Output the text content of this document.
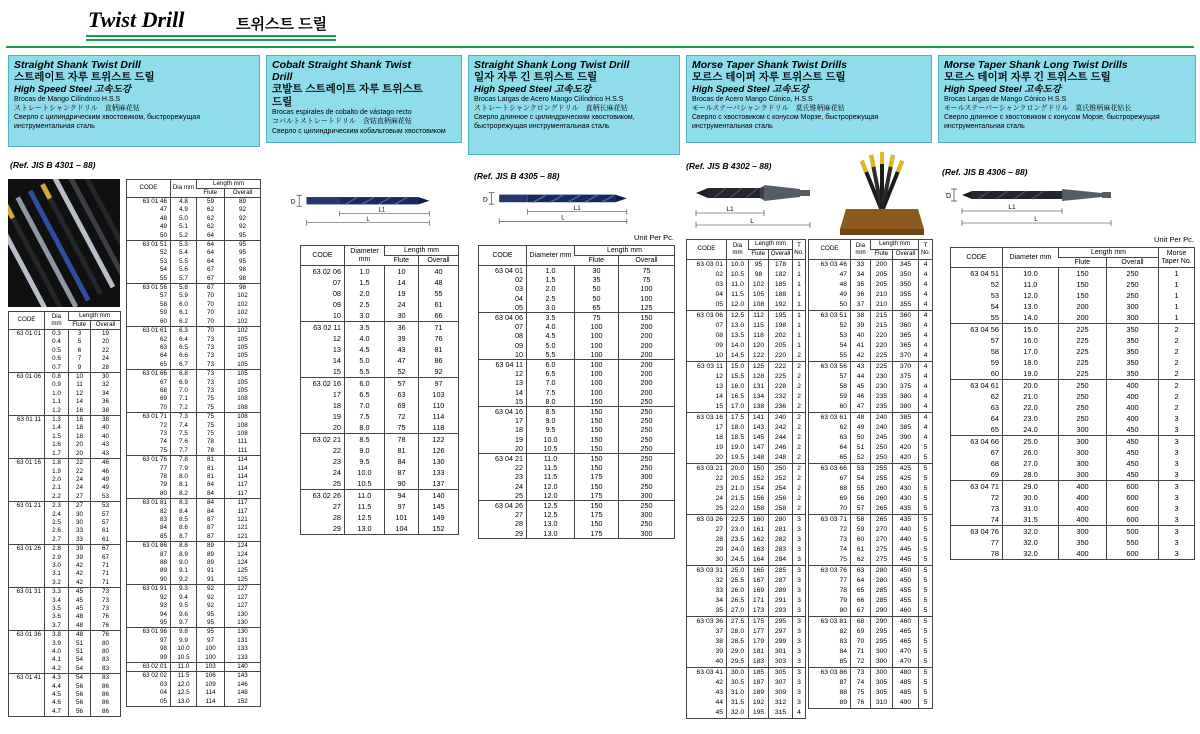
Twist Drill	트위스트 드릴
Straight Shank Twist Drill
스트레이트 자루 트위스트 드릴
High Speed Steel 고속도강
Brocas de Mango Cilíndrico H.S.S
ストレートシャンクドリル　直柄麻花钻
Сверло с цилиндрическим хвостовиком, быстрорежущая инструментальная сталь
(Ref. JIS B 4301 – 88)
CODE	Dia mm	Length mm	
		Flute	Overall
63 01 01	0.3	3	19
	0.4	5	20
	0.5	6	22
	0.6	7	24
	0.7	9	28
63 01 06	0.8	10	30
	0.9	11	32
	1.0	12	34
	1.1	14	36
	1.2	16	38
63 01 11	1.3	16	38
	1.4	18	40
	1.5	18	40
	1.6	20	43
	1.7	20	43
63 01 16	1.8	22	46
	1.9	22	46
	2.0	24	49
	2.1	24	49
	2.2	27	53
63 01 21	2.3	27	53
	2.4	30	57
	2.5	30	57
	2.6	33	61
	2.7	33	61
63 01 26	2.8	39	67
	2.9	39	67
	3.0	42	71
	3.1	42	71
	3.2	42	71
63 01 31	3.3	45	73
	3.4	45	73
	3.5	45	73
	3.6	48	76
	3.7	48	76
63 01 36	3.8	48	76
	3.9	51	80
	4.0	51	80
	4.1	54	83
	4.2	54	83
63 01 41	4.3	54	83
	4.4	56	86
	4.5	56	86
	4.6	56	86
	4.7	56	86
CODE	Dia mm	Length mm	
		Flute	Overall
63 01 46	4.8	59	89
47	4.9	62	92
48	5.0	62	92
49	5.1	62	92
50	5.2	64	95
63 01 51	5.3	64	95
52	5.4	64	95
53	5.5	64	95
54	5.6	67	98
55	5.7	67	98
63 01 56	5.8	67	98
57	5.9	70	102
58	6.0	70	102
59	6.1	70	102
60	6.2	70	102
63 01 61	6.3	70	102
62	6.4	73	105
63	6.5	73	105
64	6.6	73	105
65	6.7	73	105
63 01 66	6.8	73	105
67	6.9	73	105
68	7.0	73	105
69	7.1	75	108
70	7.2	75	108
63 01 71	7.3	75	108
72	7.4	75	108
73	7.5	75	108
74	7.6	78	111
75	7.7	78	111
63 01 76	7.8	81	114
77	7.9	81	114
78	8.0	81	114
79	8.1	84	117
80	8.2	84	117
63 01 81	8.3	84	117
82	8.4	84	117
83	8.5	87	121
84	8.6	87	121
85	8.7	87	121
63 01 86	8.8	89	124
87	8.9	89	124
88	9.0	89	124
89	9.1	91	125
90	9.2	91	125
63 01 91	9.3	92	127
92	9.4	92	127
93	9.5	92	127
94	9.6	95	130
95	9.7	95	130
63 01 96	9.8	95	130
97	9.9	97	131
98	10.0	100	133
99	10.5	100	133
63 02 01	11.0	103	140
63 02 02	11.5	106	143
03	12.0	109	146
04	12.5	114	148
05	13.0	114	152
Cobalt Straight Shank Twist Drill
코발트 스트레이트 자루 트위스트 드릴
Brocas espirales de cobalto de vástago recto
コバルトストレートドリル　含钴直柄麻花钻
Сверло с цилиндрическим кобальтовым хвостовиком
D
L1
L
CODE	Diameter mm	Length mm	
		Flute	Overall
63 02 06	1.0	10	40
07	1.5	14	48
08	2.0	19	55
09	2.5	24	61
10	3.0	30	66
63 02 11	3.5	36	71
12	4.0	39	76
13	4.5	43	81
14	5.0	47	86
15	5.5	52	92
63 02 16	6.0	57	97
17	6.5	63	103
18	7.0	69	110
19	7.5	72	114
20	8.0	75	118
63 02 21	8.5	78	122
22	9.0	81	126
23	9.5	84	130
24	10.0	87	133
25	10.5	90	137
63 02 26	11.0	94	140
27	11.5	97	145
28	12.5	101	149
29	13.0	104	152
Straight Shank Long Twist Drill
일자 자루 긴 트위스트 드릴
High Speed Steel 고속도강
Brocas Largas de Acero Mango Cilíndrico H.S.S
ストレートシャンクロングドリル　直柄长麻花钻
Сверло длинное с цилиндрическим хвостовиком, быстрорежущая инструментальная сталь
(Ref. JIS B 4305 – 88)
D
L1
L
Unit Per Pc.
CODE	Diameter mm	Length mm	
		Flute	Overall
63 04 01	1.0	30	75
02	1.5	35	75
03	2.0	50	100
04	2.5	50	100
05	3.0	65	125
63 04 06	3.5	75	150
07	4.0	100	200
08	4.5	100	200
09	5.0	100	200
10	5.5	100	200
63 04 11	6.0	100	200
12	6.5	100	200
13	7.0	100	200
14	7.5	100	200
15	8.0	150	250
63 04 16	8.5	150	250
17	9.0	150	250
18	9.5	150	250
19	10.0	150	250
20	10.5	150	250
63 04 21	11.0	150	250
22	11.5	150	250
23	11.5	175	300
24	12.0	150	250
25	12.0	175	300
63 04 26	12.5	150	250
27	12.5	175	300
28	13.0	150	250
29	13.0	175	300
Morse Taper Shank Twist Drills
모르스 테이퍼 자루 트위스트 드릴
High Speed Steel 고속도강
Brocas de Acero Mango Cónico, H.S.S
モールステーパシャンクドリル　莫氏锥柄麻花钻
Сверло с хвостовиком с конусом Морзе, быстрорежущая инструментальная сталь
(Ref. JIS B 4302 – 88)
L1
L
CODE	Dia mm	Length mm		T No.
		Flute	Overall	
63 03 01	10.0	95	178	1
02	10.5	98	182	1
03	11.0	102	185	1
04	11.5	105	188	1
05	12.0	108	192	1
63 03 06	12.5	112	195	1
07	13.0	115	198	1
08	13.5	118	202	1
09	14.0	120	205	1
10	14.5	122	220	2
63 03 11	15.0	125	222	2
12	15.5	128	225	2
13	16.0	131	228	2
14	16.5	134	232	2
15	17.0	138	236	2
63 03 16	17.5	141	240	2
17	18.0	143	242	2
18	18.5	145	244	2
19	19.0	147	246	2
20	19.5	148	248	2
63 03 21	20.0	150	250	2
22	20.5	152	252	2
23	21.0	154	254	2
24	21.5	156	256	2
25	22.0	158	258	2
63 03 26	22.5	160	280	3
27	23.0	161	281	3
28	23.5	162	282	3
29	24.0	163	283	3
30	24.5	164	284	3
63 03 31	25.0	165	285	3
32	25.5	167	287	3
33	26.0	169	289	3
34	26.5	171	291	3
35	27.0	173	293	3
63 03 36	27.5	175	295	3
37	28.0	177	297	3
38	28.5	179	299	3
39	29.0	181	301	3
40	29.5	183	303	3
63 03 41	30.0	185	305	3
42	30.5	187	307	3
43	31.0	189	309	3
44	31.5	192	312	3
45	32.0	195	315	4
CODE	Dia mm	Length mm		T No.
		Flute	Overall	
63 03 46	33	200	345	4
47	34	205	350	4
48	35	205	350	4
49	36	210	355	4
50	37	210	355	4
63 03 51	38	215	360	4
52	39	215	360	4
53	40	220	365	4
54	41	220	365	4
55	42	225	370	4
63 03 56	43	225	370	4
57	44	230	375	4
58	45	230	375	4
59	46	235	380	4
60	47	235	380	4
63 03 61	48	240	385	4
62	49	240	385	4
63	50	245	390	4
64	51	250	420	5
65	52	250	420	5
63 03 66	53	255	425	5
67	54	255	425	5
68	55	260	430	5
69	56	260	430	5
70	57	265	435	5
63 03 71	58	265	435	5
72	59	270	440	5
73	60	270	440	5
74	61	275	445	5
75	62	275	445	5
63 03 76	63	280	450	5
77	64	280	450	5
78	65	285	455	5
79	66	285	455	5
80	67	290	460	5
63 03 81	68	290	460	5
82	69	295	465	5
83	70	295	465	5
84	71	300	470	5
85	72	300	470	5
63 03 86	73	300	480	5
87	74	305	485	5
88	75	305	485	5
89	76	310	490	5
Morse Taper Shank Long Twist Drills
모르스 테이퍼 자루 긴 트위스트 드릴
High Speed Steel 고속도강
Brocas Largas de Mango Cónico H.S.S
モールステーパーシャンクロングドリル　莫氏锥柄麻花钻长
Сверло длинное с хвостовиком с конусом Морзе, быстрорежущая инструментальная сталь
(Ref. JIS B 4306 – 88)
D
L1
L
Unit Per Pc.
CODE	Diameter mm	Length mm		Morse Taper No.
		Flute	Overall	
63 04 51	10.0	150	250	1
52	11.0	150	250	1
53	12.0	150	250	1
54	13.0	200	300	1
55	14.0	200	300	1
63 04 56	15.0	225	350	2
57	16.0	225	350	2
58	17.0	225	350	2
59	18.0	225	350	2
60	19.0	225	350	2
63 04 61	20.0	250	400	2
62	21.0	250	400	2
63	22.0	250	400	2
64	23.0	250	400	3
65	24.0	300	450	3
63 04 66	25.0	300	450	3
67	26.0	300	450	3
68	27.0	300	450	3
69	28.0	300	450	3
63 04 71	29.0	400	600	3
72	30.0	400	600	3
73	31.0	400	600	3
74	31.5	400	600	3
63 04 76	32.0	300	500	3
77	32.0	350	550	3
78	32.0	400	600	3
